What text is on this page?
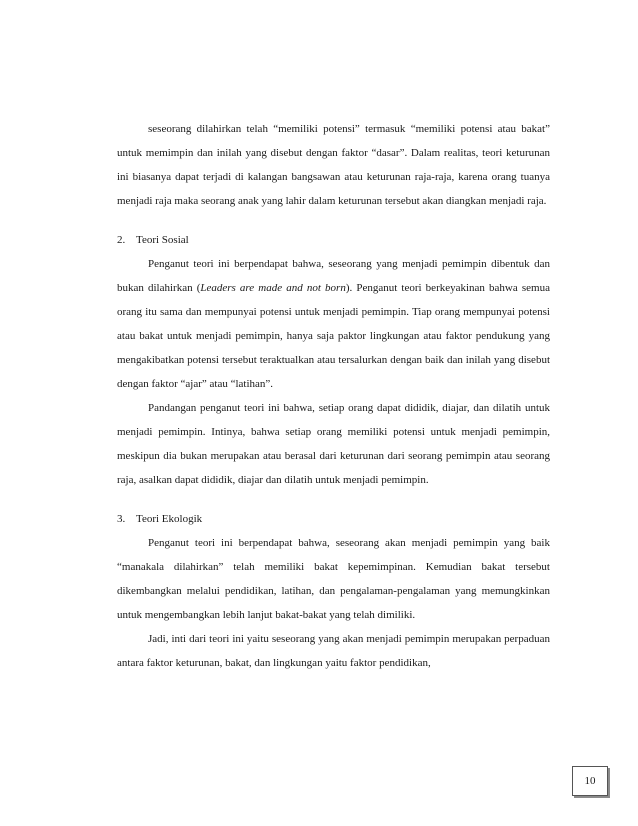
seseorang dilahirkan telah “memiliki potensi” termasuk “memiliki potensi atau bakat” untuk memimpin dan inilah yang disebut dengan faktor “dasar”. Dalam realitas, teori keturunan ini biasanya dapat terjadi di kalangan bangsawan atau keturunan raja-raja, karena orang tuanya menjadi raja maka seorang anak yang lahir dalam keturunan tersebut akan diangkan menjadi raja.

2. Teori Sosial

Penganut teori ini berpendapat bahwa, seseorang yang menjadi pemimpin dibentuk dan bukan dilahirkan (Leaders are made and not born). Penganut teori berkeyakinan bahwa semua orang itu sama dan mempunyai potensi untuk menjadi pemimpin. Tiap orang mempunyai potensi atau bakat untuk menjadi pemimpin, hanya saja paktor lingkungan atau faktor pendukung yang mengakibatkan potensi tersebut teraktualkan atau tersalurkan dengan baik dan inilah yang disebut dengan faktor “ajar” atau “latihan”.

Pandangan penganut teori ini bahwa, setiap orang dapat dididik, diajar, dan dilatih untuk menjadi pemimpin. Intinya, bahwa setiap orang memiliki potensi untuk menjadi pemimpin, meskipun dia bukan merupakan atau berasal dari keturunan dari seorang pemimpin atau seorang raja, asalkan dapat dididik, diajar dan dilatih untuk menjadi pemimpin.

3. Teori Ekologik

Penganut teori ini berpendapat bahwa, seseorang akan menjadi pemimpin yang baik “manakala dilahirkan” telah memiliki bakat kepemimpinan. Kemudian bakat tersebut dikembangkan melalui pendidikan, latihan, dan pengalaman-pengalaman yang memungkinkan untuk mengembangkan lebih lanjut bakat-bakat yang telah dimiliki.

Jadi, inti dari teori ini yaitu seseorang yang akan menjadi pemimpin merupakan perpaduan antara faktor keturunan, bakat, dan lingkungan yaitu faktor pendidikan,

10
